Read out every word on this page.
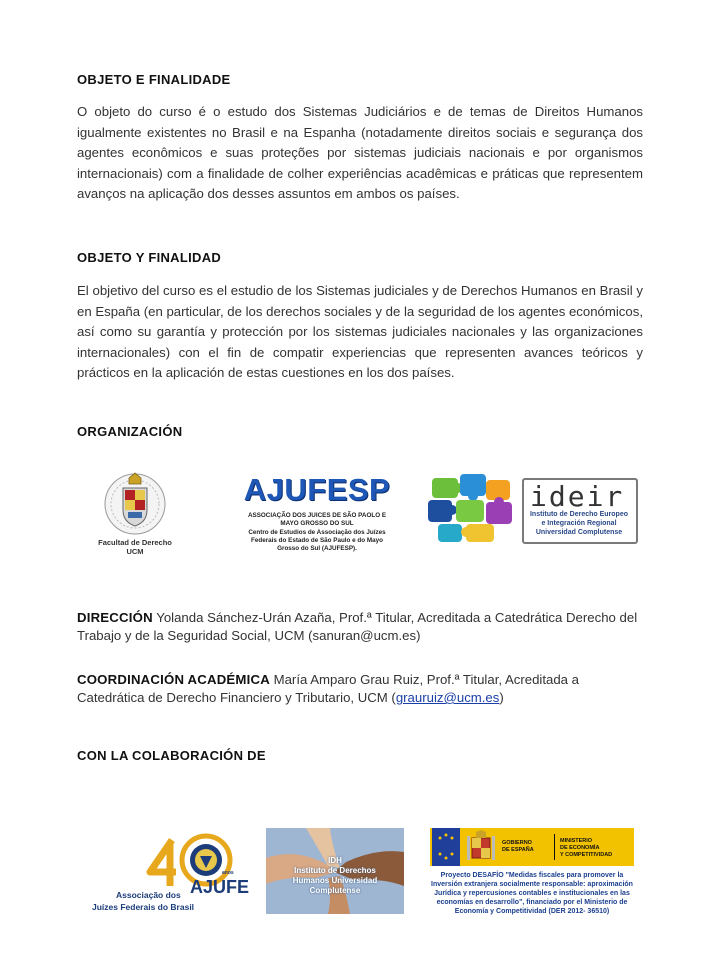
OBJETO E FINALIDADE
O objeto do curso é o estudo dos Sistemas Judiciários e de temas de Direitos Humanos igualmente existentes no Brasil e na Espanha (notadamente direitos sociais e segurança dos agentes econômicos e suas proteções por sistemas judiciais nacionais e por organismos internacionais) com a finalidade de colher experiências acadêmicas e práticas que representem avanços na aplicação dos desses assuntos em ambos os países.
OBJETO Y FINALIDAD
El objetivo del curso es el estudio de los Sistemas judiciales y de Derechos Humanos en Brasil y en España (en particular, de los derechos sociales y de la seguridad de los agentes económicos, así como su garantía y protección por los sistemas judiciales nacionales y las organizaciones internacionales) con el fin de compatir experiencias que representen avances teóricos y prácticos en la aplicación de estas cuestiones en los dos países.
ORGANIZACIÓN
Facultad de Derecho
UCM
AJUFESP
ASSOCIAÇÃO DOS JUICES DE SÃO PAOLO E
MAYO GROSSO DO SUL
Centro de Estudios de Associação dos Juízes
Federais do Estado de São Paulo e do Mayo
Grosso do Sul (AJUFESP).
ideir
Instituto de Derecho Europeo
e Integración Regional
Universidad Complutense
DIRECCIÓN Yolanda Sánchez-Urán Azaña, Prof.ª Titular, Acreditada a Catedrática Derecho del Trabajo y de la Seguridad Social, UCM (sanuran@ucm.es)
COORDINACIÓN ACADÉMICA María Amparo Grau Ruiz, Prof.ª Titular, Acreditada a Catedrática de Derecho Financiero y Tributario, UCM (grauruiz@ucm.es)
CON LA COLABORACIÓN DE
anos
AJUFE
Associação dos
Juízes Federais do Brasil
IDH
Instituto de Derechos
Humanos Universidad
Complutense
GOBIERNO
DE ESPAÑA
MINISTERIO
DE ECONOMÍA
Y COMPETITIVIDAD
Proyecto DESAFÍO "Medidas fiscales para promover la
Inversión extranjera socialmente responsable: aproximación
Jurídica y repercusiones contables e institucionales en las
economías en desarrollo", financiado por el Ministerio de
Economía y Competitividad (DER 2012- 36510)
